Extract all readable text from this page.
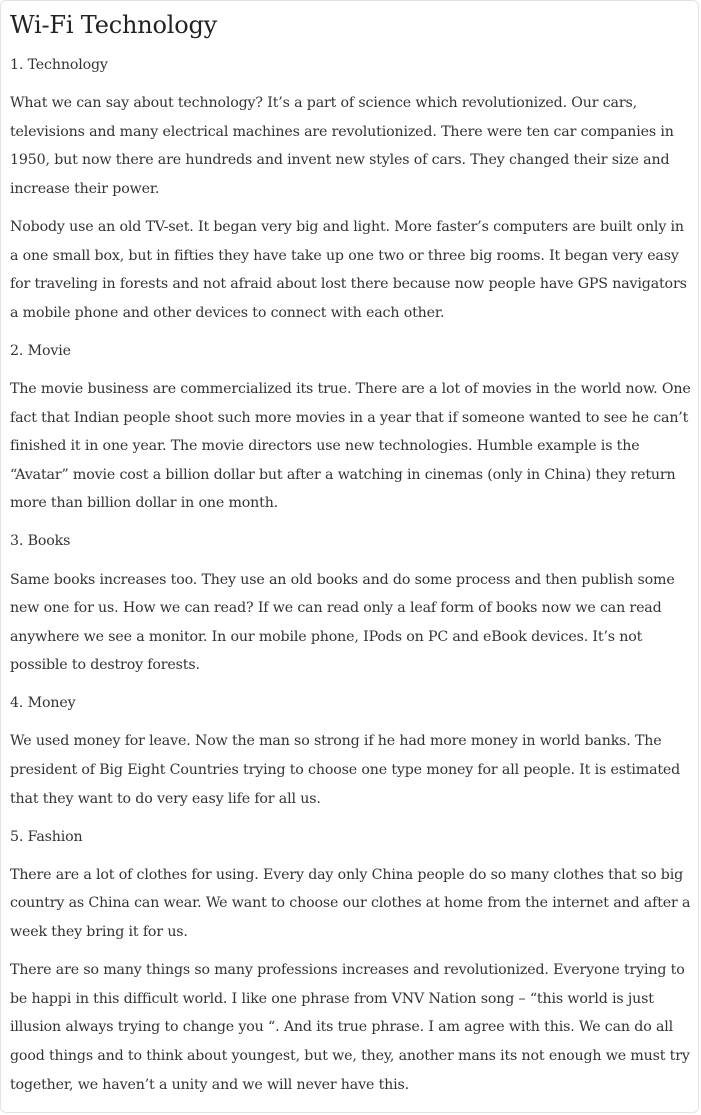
Wi-Fi Technology

1. Technology

What we can say about technology? It’s a part of science which revolutionized. Our cars, televisions and many electrical machines are revolutionized. There were ten car companies in 1950, but now there are hundreds and invent new styles of cars. They changed their size and increase their power.

Nobody use an old TV-set. It began very big and light. More faster’s computers are built only in a one small box, but in fifties they have take up one two or three big rooms. It began very easy for traveling in forests and not afraid about lost there because now people have GPS navigators a mobile phone and other devices to connect with each other.

2. Movie

The movie business are commercialized its true. There are a lot of movies in the world now. One fact that Indian people shoot such more movies in a year that if someone wanted to see he can’t finished it in one year. The movie directors use new technologies. Humble example is the “Avatar” movie cost a billion dollar but after a watching in cinemas (only in China) they return more than billion dollar in one month.

3. Books

Same books increases too. They use an old books and do some process and then publish some new one for us. How we can read? If we can read only a leaf form of books now we can read anywhere we see a monitor. In our mobile phone, IPods on PC and eBook devices. It’s not possible to destroy forests.

4. Money

We used money for leave. Now the man so strong if he had more money in world banks. The president of Big Eight Countries trying to choose one type money for all people. It is estimated that they want to do very easy life for all us.

5. Fashion

There are a lot of clothes for using. Every day only China people do so many clothes that so big country as China can wear. We want to choose our clothes at home from the internet and after a week they bring it for us.

There are so many things so many professions increases and revolutionized. Everyone trying to be happi in this difficult world. I like one phrase from VNV Nation song – “this world is just illusion always trying to change you “. And its true phrase. I am agree with this. We can do all good things and to think about youngest, but we, they, another mans its not enough we must try together, we haven’t a unity and we will never have this.
